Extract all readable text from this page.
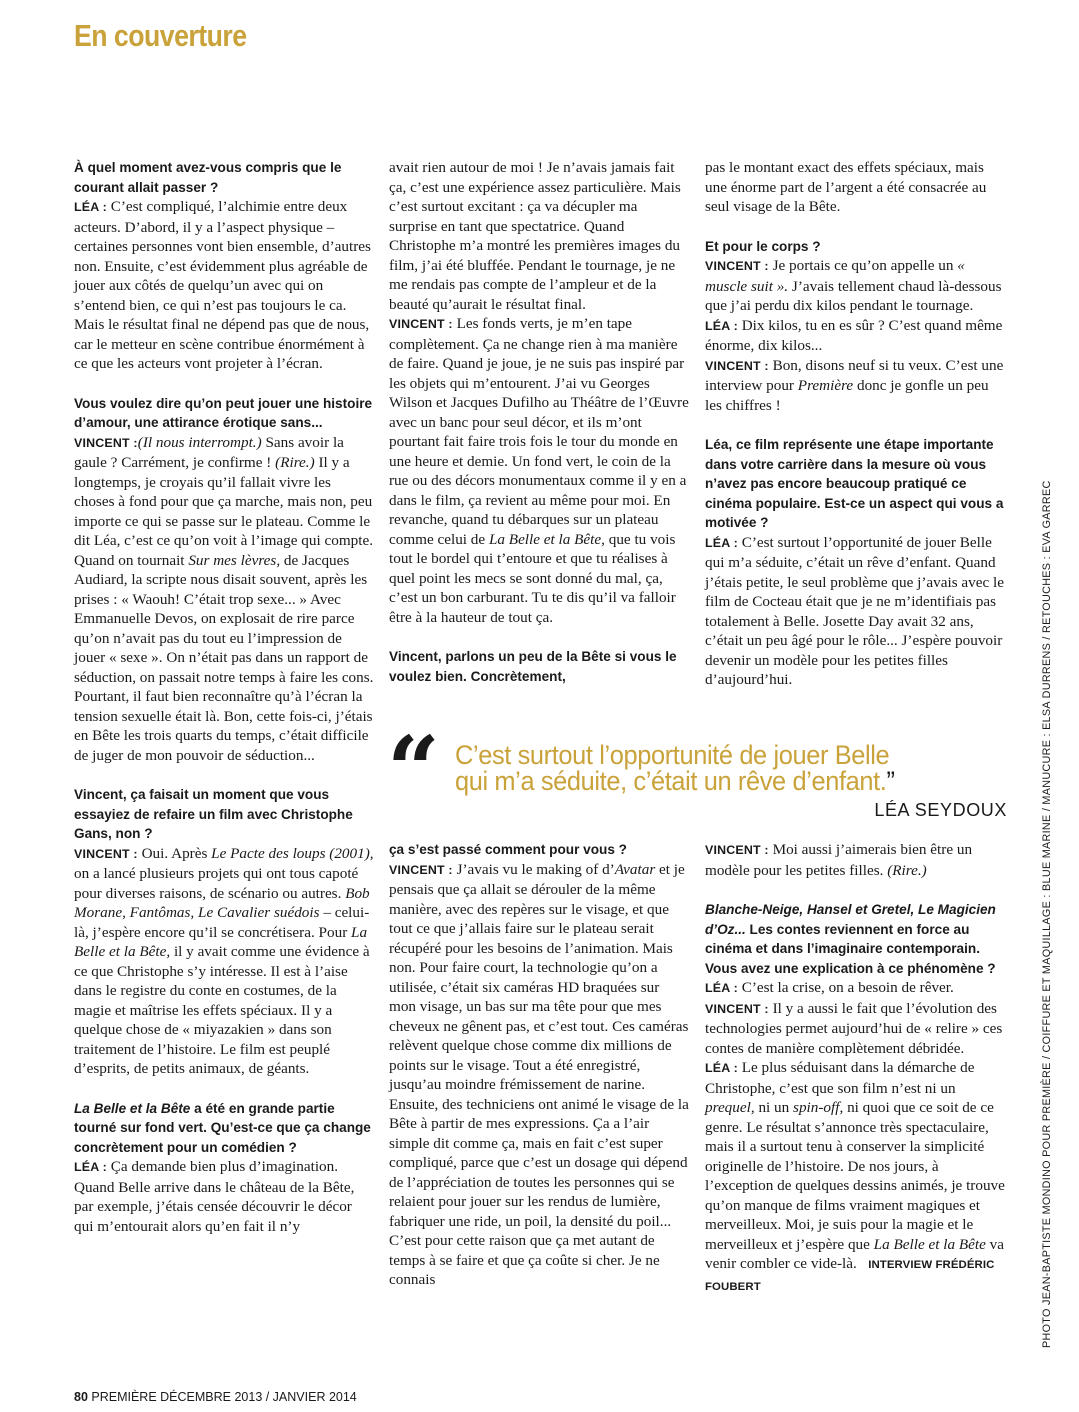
En couverture

À quel moment avez-vous compris que le courant allait passer ?

LÉA : C’est compliqué, l’alchimie entre deux acteurs. D’abord, il y a l’aspect physique – certaines personnes vont bien ensemble, d’autres non. Ensuite, c’est évidemment plus agréable de jouer aux côtés de quelqu’un avec qui on s’entend bien, ce qui n’est pas toujours le ca. Mais le résultat final ne dépend pas que de nous, car le metteur en scène contribue énormément à ce que les acteurs vont projeter à l’écran.

Vous voulez dire qu’on peut jouer une histoire d’amour, une attirance érotique sans...

VINCENT :(Il nous interrompt.) Sans avoir la gaule ? Carrément, je confirme ! (Rire.) Il y a longtemps, je croyais qu’il fallait vivre les choses à fond pour que ça marche, mais non, peu importe ce qui se passe sur le plateau. Comme le dit Léa, c’est ce qu’on voit à l’image qui compte. Quand on tournait Sur mes lèvres, de Jacques Audiard, la scripte nous disait souvent, après les prises : « Waouh! C’était trop sexe... » Avec Emmanuelle Devos, on explosait de rire parce qu’on n’avait pas du tout eu l’impression de jouer « sexe ». On n’était pas dans un rapport de séduction, on passait notre temps à faire les cons. Pourtant, il faut bien reconnaître qu’à l’écran la tension sexuelle était là. Bon, cette fois-ci, j’étais en Bête les trois quarts du temps, c’était difficile de juger de mon pouvoir de séduction...

Vincent, ça faisait un moment que vous essayiez de refaire un film avec Christophe Gans, non ?

VINCENT : Oui. Après Le Pacte des loups (2001), on a lancé plusieurs projets qui ont tous capoté pour diverses raisons, de scénario ou autres. Bob Morane, Fantômas, Le Cavalier suédois – celui-là, j’espère encore qu’il se concrétisera. Pour La Belle et la Bête, il y avait comme une évidence à ce que Christophe s’y intéresse. Il est à l’aise dans le registre du conte en costumes, de la magie et maîtrise les effets spéciaux. Il y a quelque chose de « miyazakien » dans son traitement de l’histoire. Le film est peuplé d’esprits, de petits animaux, de géants.

La Belle et la Bête a été en grande partie tourné sur fond vert. Qu’est-ce que ça change concrètement pour un comédien ?

LÉA : Ça demande bien plus d’imagination. Quand Belle arrive dans le château de la Bête, par exemple, j’étais censée découvrir le décor qui m’entourait alors qu’en fait il n’y

avait rien autour de moi ! Je n’avais jamais fait ça, c’est une expérience assez particulière. Mais c’est surtout excitant : ça va décupler ma surprise en tant que spectatrice. Quand Christophe m’a montré les premières images du film, j’ai été bluffée. Pendant le tournage, je ne me rendais pas compte de l’ampleur et de la beauté qu’aurait le résultat final.

VINCENT : Les fonds verts, je m’en tape complètement. Ça ne change rien à ma manière de faire. Quand je joue, je ne suis pas inspiré par les objets qui m’entourent. J’ai vu Georges Wilson et Jacques Dufilho au Théâtre de l’Œuvre avec un banc pour seul décor, et ils m’ont pourtant fait faire trois fois le tour du monde en une heure et demie. Un fond vert, le coin de la rue ou des décors monumentaux comme il y en a dans le film, ça revient au même pour moi. En revanche, quand tu débarques sur un plateau comme celui de La Belle et la Bête, que tu vois tout le bordel qui t’entoure et que tu réalises à quel point les mecs se sont donné du mal, ça, c’est un bon carburant. Tu te dis qu’il va falloir être à la hauteur de tout ça.

Vincent, parlons un peu de la Bête si vous le voulez bien. Concrètement,

ça s’est passé comment pour vous ?

VINCENT : J’avais vu le making of d’Avatar et je pensais que ça allait se dérouler de la même manière, avec des repères sur le visage, et que tout ce que j’allais faire sur le plateau serait récupéré pour les besoins de l’animation. Mais non. Pour faire court, la technologie qu’on a utilisée, c’était six caméras HD braquées sur mon visage, un bas sur ma tête pour que mes cheveux ne gênent pas, et c’est tout. Ces caméras relèvent quelque chose comme dix millions de points sur le visage. Tout a été enregistré, jusqu’au moindre frémissement de narine. Ensuite, des techniciens ont animé le visage de la Bête à partir de mes expressions. Ça a l’air simple dit comme ça, mais en fait c’est super compliqué, parce que c’est un dosage qui dépend de l’appréciation de toutes les personnes qui se relaient pour jouer sur les rendus de lumière, fabriquer une ride, un poil, la densité du poil... C’est pour cette raison que ça met autant de temps à se faire et que ça coûte si cher. Je ne connais

pas le montant exact des effets spéciaux, mais une énorme part de l’argent a été consacrée au seul visage de la Bête.

Et pour le corps ?

VINCENT : Je portais ce qu’on appelle un « muscle suit ». J’avais tellement chaud là-dessous que j’ai perdu dix kilos pendant le tournage.

LÉA : Dix kilos, tu en es sûr ? C’est quand même énorme, dix kilos...

VINCENT : Bon, disons neuf si tu veux. C’est une interview pour Première donc je gonfle un peu les chiffres !

Léa, ce film représente une étape importante dans votre carrière dans la mesure où vous n’avez pas encore beaucoup pratiqué ce cinéma populaire. Est-ce un aspect qui vous a motivée ?

LÉA : C’est surtout l’opportunité de jouer Belle qui m’a séduite, c’était un rêve d’enfant. Quand j’étais petite, le seul problème que j’avais avec le film de Cocteau était que je ne m’identifiais pas totalement à Belle. Josette Day avait 32 ans, c’était un peu âgé pour le rôle... J’espère pouvoir devenir un modèle pour les petites filles d’aujourd’hui.

VINCENT : Moi aussi j’aimerais bien être un modèle pour les petites filles. (Rire.)

Blanche-Neige, Hansel et Gretel, Le Magicien d’Oz... Les contes reviennent en force au cinéma et dans l’imaginaire contemporain. Vous avez une explication à ce phénomène ?

LÉA : C’est la crise, on a besoin de rêver.

VINCENT : Il y a aussi le fait que l’évolution des technologies permet aujourd’hui de « relire » ces contes de manière complètement débridée.

LÉA : Le plus séduisant dans la démarche de Christophe, c’est que son film n’est ni un prequel, ni un spin-off, ni quoi que ce soit de ce genre. Le résultat s’annonce très spectaculaire, mais il a surtout tenu à conserver la simplicité originelle de l’histoire. De nos jours, à l’exception de quelques dessins animés, je trouve qu’on manque de films vraiment magiques et merveilleux. Moi, je suis pour la magie et le merveilleux et j’espère que La Belle et la Bête va venir combler ce vide-là. INTERVIEW FRÉDÉRIC FOUBERT

“ C’est surtout l’opportunité de jouer Belle
qui m’a séduite, c’était un rêve d’enfant.”
LÉA SEYDOUX
80 PREMIÈRE DÉCEMBRE 2013 / JANVIER 2014
PHOTO JEAN-BAPTISTE MONDINO POUR PREMIÈRE / COIFFURE ET MAQUILLAGE : BLUE MARINE / MANUCURE : ELSA DURRENS / RETOUCHES : EVA GARREC
